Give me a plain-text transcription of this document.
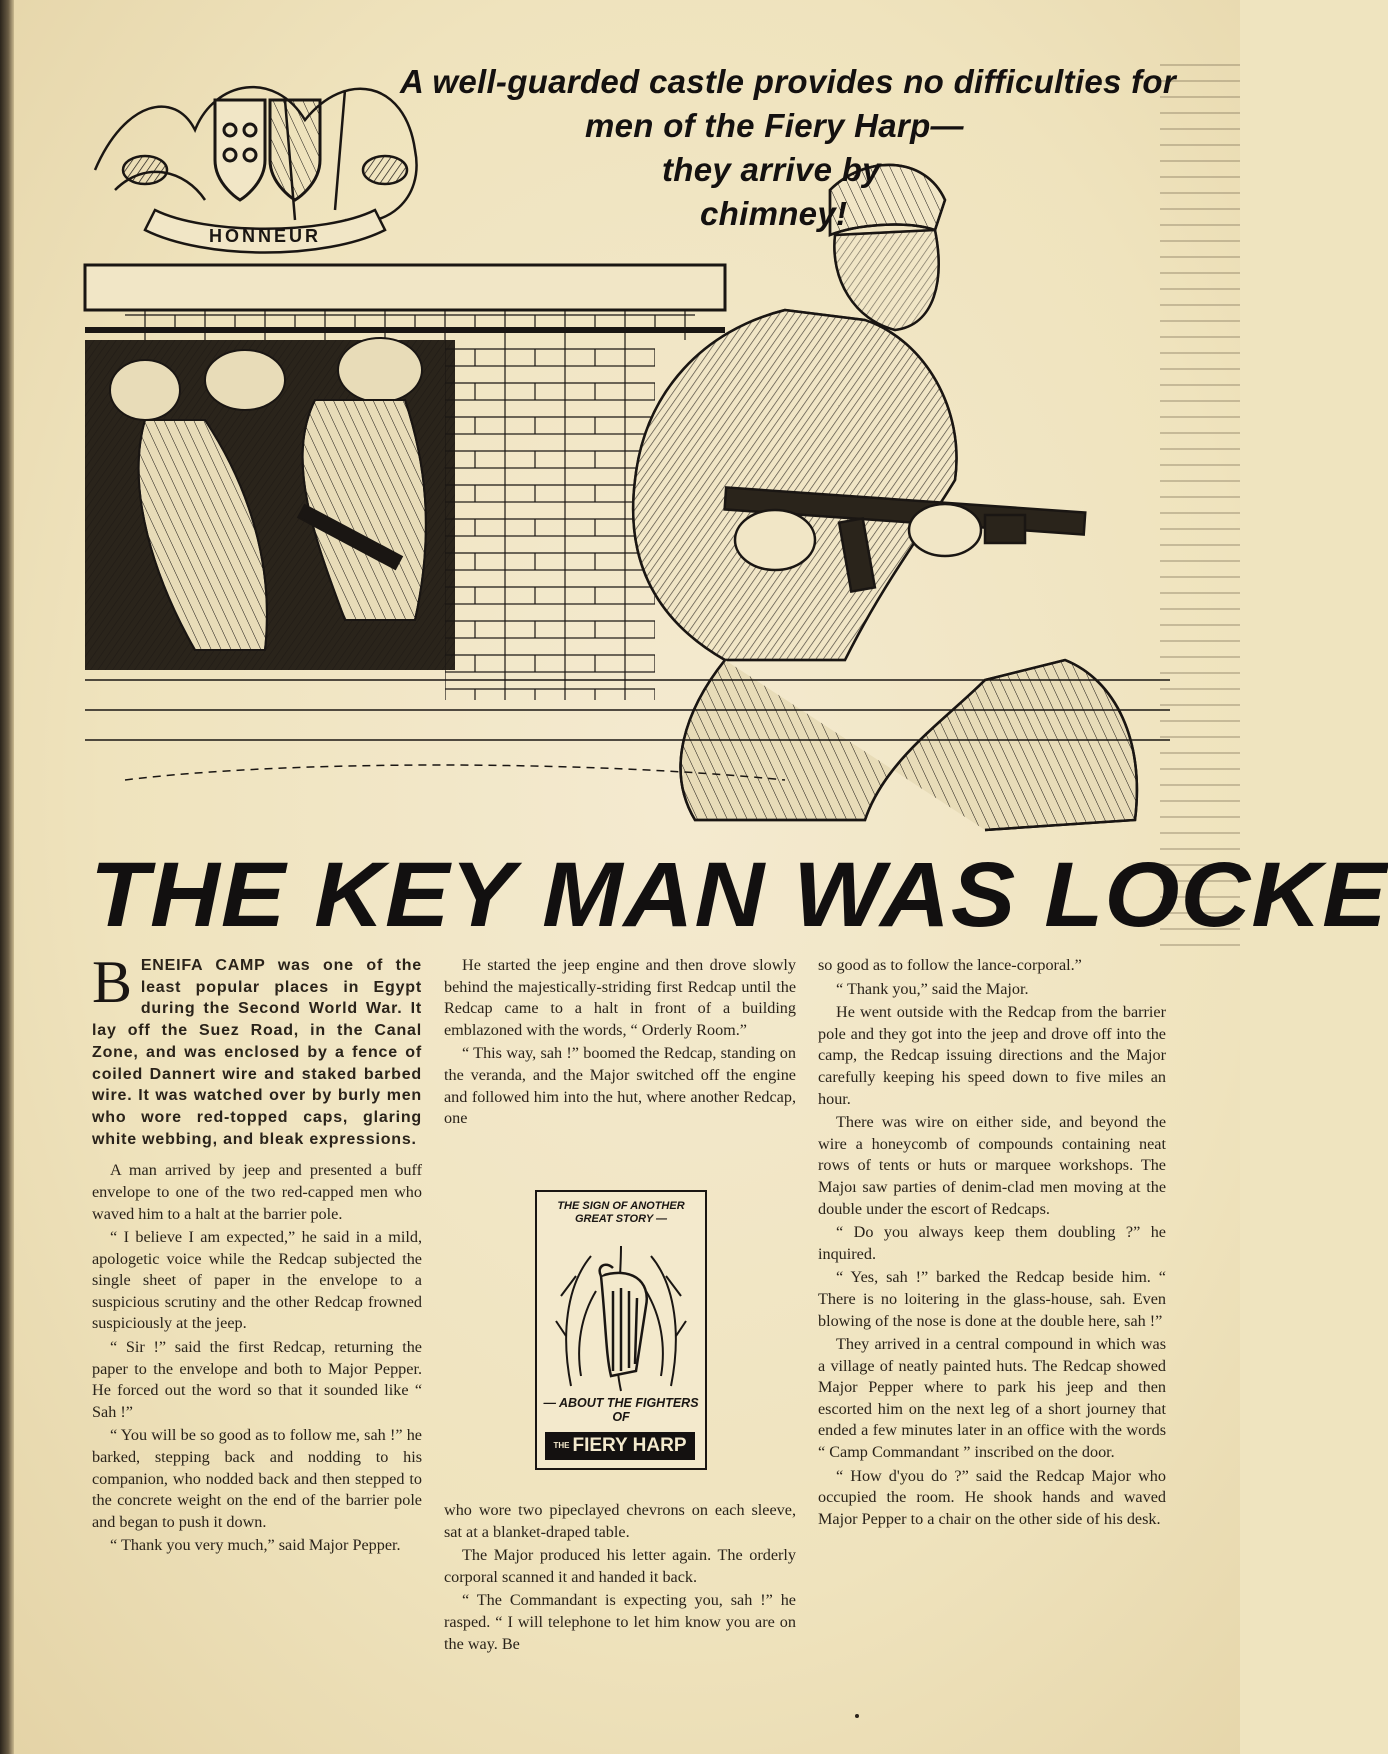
HONNEUR
A well-guarded castle provides no difficulties for
men of the Fiery Harp—
they arrive by
chimney!
THE KEY MAN WAS LOCKE

BENEIFA CAMP was one of the least popular places in Egypt during the Second World War. It lay off the Suez Road, in the Canal Zone, and was enclosed by a fence of coiled Dannert wire and staked barbed wire. It was watched over by burly men who wore red-topped caps, glaring white webbing, and bleak expressions.

A man arrived by jeep and presented a buff envelope to one of the two red-capped men who waved him to a halt at the barrier pole.

“ I believe I am expected,” he said in a mild, apologetic voice while the Redcap subjected the single sheet of paper in the envelope to a suspicious scrutiny and the other Redcap frowned suspiciously at the jeep.

“ Sir !” said the first Redcap, returning the paper to the envelope and both to Major Pepper. He forced out the word so that it sounded like “ Sah !”

“ You will be so good as to follow me, sah !” he barked, stepping back and nodding to his companion, who nodded back and then stepped to the concrete weight on the end of the barrier pole and began to push it down.

“ Thank you very much,” said Major Pepper.

He started the jeep engine and then drove slowly behind the majestically-striding first Redcap until the Redcap came to a halt in front of a building emblazoned with the words, “ Orderly Room.”

“ This way, sah !” boomed the Redcap, standing on the veranda, and the Major switched off the engine and followed him into the hut, where another Redcap, one

THE SIGN OF ANOTHER GREAT STORY —
— ABOUT THE FIGHTERS OF
THE FIERY HARP

who wore two pipeclayed chevrons on each sleeve, sat at a blanket-draped table.

The Major produced his letter again. The orderly corporal scanned it and handed it back.

“ The Commandant is expecting you, sah !” he rasped. “ I will telephone to let him know you are on the way. Be

so good as to follow the lance-corporal.”

“ Thank you,” said the Major.

He went outside with the Redcap from the barrier pole and they got into the jeep and drove off into the camp, the Redcap issuing directions and the Major carefully keeping his speed down to five miles an hour.

There was wire on either side, and beyond the wire a honeycomb of compounds containing neat rows of tents or huts or marquee workshops. The Majoı saw parties of denim-clad men moving at the double under the escort of Redcaps.

“ Do you always keep them doubling ?” he inquired.

“ Yes, sah !” barked the Redcap beside him. “ There is no loitering in the glass-house, sah. Even blowing of the nose is done at the double here, sah !”

They arrived in a central compound in which was a village of neatly painted huts. The Redcap showed Major Pepper where to park his jeep and then escorted him on the next leg of a short journey that ended a few minutes later in an office with the words “ Camp Commandant ” inscribed on the door.

“ How d'you do ?” said the Redcap Major who occupied the room. He shook hands and waved Major Pepper to a chair on the other side of his desk.
